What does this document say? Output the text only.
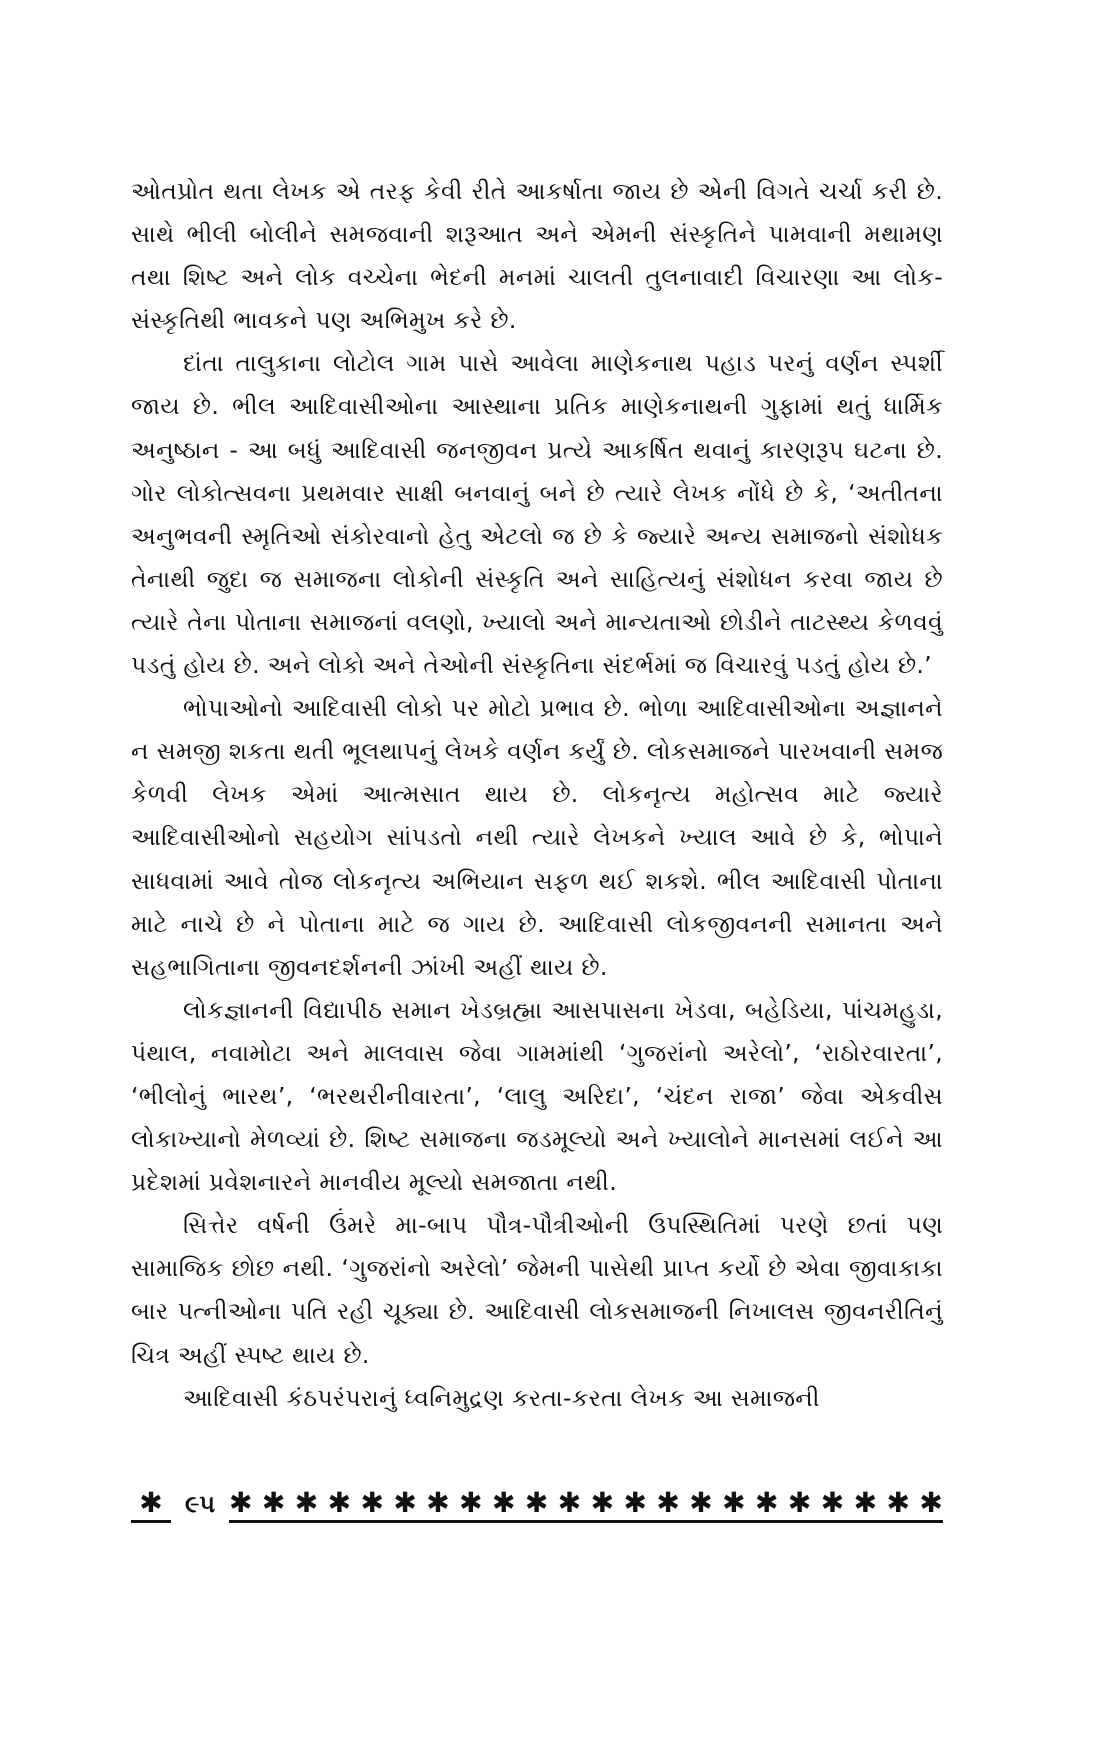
ઓતપ્રોત થતા લેખક એ તરફ કેવી રીતે આકર્ષાતા જાય છે એની વિગતે ચર્ચા કરી છે. સાથે ભીલી બોલીને સમજવાની શરૂઆત અને એમની સંસ્કૃતિને પામવાની મથામણ તથા શિષ્ટ અને લોક વચ્ચેના ભેદની મનમાં ચાલતી તુલનાવાદી વિચારણા આ લોક-સંસ્કૃતિથી ભાવકને પણ અભિમુખ કરે છે.

દાંતા તાલુકાના લોટોલ ગામ પાસે આવેલા માણેકનાથ પહાડ પરનું વર્ણન સ્પર્શી જાય છે. ભીલ આદિવાસીઓના આસ્થાના પ્રતિક માણેકનાથની ગુફામાં થતું ધાર્મિક અનુષ્ઠાન - આ બધું આદિવાસી જનજીવન પ્રત્યે આકર્ષિત થવાનું કારણરૂપ ઘટના છે. ગોર લોકોત્સવના પ્રથમવાર સાક્ષી બનવાનું બને છે ત્યારે લેખક નોંધે છે કે, ‘અતીતના અનુભવની સ્મૃતિઓ સંકોરવાનો હેતુ એટલો જ છે કે જ્યારે અન્ય સમાજનો સંશોધક તેનાથી જુદા જ સમાજના લોકોની સંસ્કૃતિ અને સાહિત્યનું સંશોધન કરવા જાય છે ત્યારે તેના પોતાના સમાજનાં વલણો, ખ્યાલો અને માન્યતાઓ છોડીને તાટસ્થ્ય કેળવવું પડતું હોય છે. અને લોકો અને તેઓની સંસ્કૃતિના સંદર્ભમાં જ વિચારવું પડતું હોય છે.’

ભોપાઓનો આદિવાસી લોકો પર મોટો પ્રભાવ છે. ભોળા આદિવાસીઓના અજ્ઞાનને ન સમજી શકતા થતી ભૂલથાપનું લેખકે વર્ણન કર્યું છે. લોકસમાજને પારખવાની સમજ કેળવી લેખક એમાં આત્મસાત થાય છે. લોકનૃત્ય મહોત્સવ માટે જ્યારે આદિવાસીઓનો સહયોગ સાંપડતો નથી ત્યારે લેખકને ખ્યાલ આવે છે કે, ભોપાને સાધવામાં આવે તોજ લોકનૃત્ય અભિયાન સફળ થઈ શકશે. ભીલ આદિવાસી પોતાના માટે નાચે છે ને પોતાના માટે જ ગાય છે. આદિવાસી લોકજીવનની સમાનતા અને સહભાગિતાના જીવનદર્શનની ઝાંખી અહીં થાય છે.

લોકજ્ઞાનની વિદ્યાપીઠ સમાન ખેડબ્રહ્મા આસપાસના ખેડવા, બહેડિયા, પાંચમહુડા, પંથાલ, નવામોટા અને માલવાસ જેવા ગામમાંથી ‘ગુજરાંનો અરેલો’, ‘રાઠોરવારતા’, ‘ભીલોનું ભારથ’, ‘ભરથરીનીવારતા’, ‘લાલુ અરિદા’, ‘ચંદન રાજા’ જેવા એકવીસ લોકાખ્યાનો મેળવ્યાં છે. શિષ્ટ સમાજના જડમૂલ્યો અને ખ્યાલોને માનસમાં લઈને આ પ્રદેશમાં પ્રવેશનારને માનવીય મૂલ્યો સમજાતા નથી.

સિત્તેર વર્ષની ઉંમરે મા-બાપ પૌત્ર-પૌત્રીઓની ઉપસ્થિતિમાં પરણે છતાં પણ સામાજિક છોછ નથી. ‘ગુજરાંનો અરેલો’ જેમની પાસેથી પ્રાપ્ત કર્યો છે એવા જીવાકાકા બાર પત્નીઓના પતિ રહી ચૂક્યા છે. આદિવાસી લોકસમાજની નિખાલસ જીવનરીતિનું ચિત્ર અહીં સ્પષ્ટ થાય છે.

આદિવાસી કંઠપરંપરાનું ધ્વનિમુદ્રણ કરતા-કરતા લેખક આ સમાજની

✱ ૯૫ ✱ ✱ ✱ ✱ ✱ ✱ ✱ ✱ ✱ ✱ ✱ ✱ ✱ ✱ ✱ ✱ ✱ ✱ ✱ ✱ ✱ ✱
